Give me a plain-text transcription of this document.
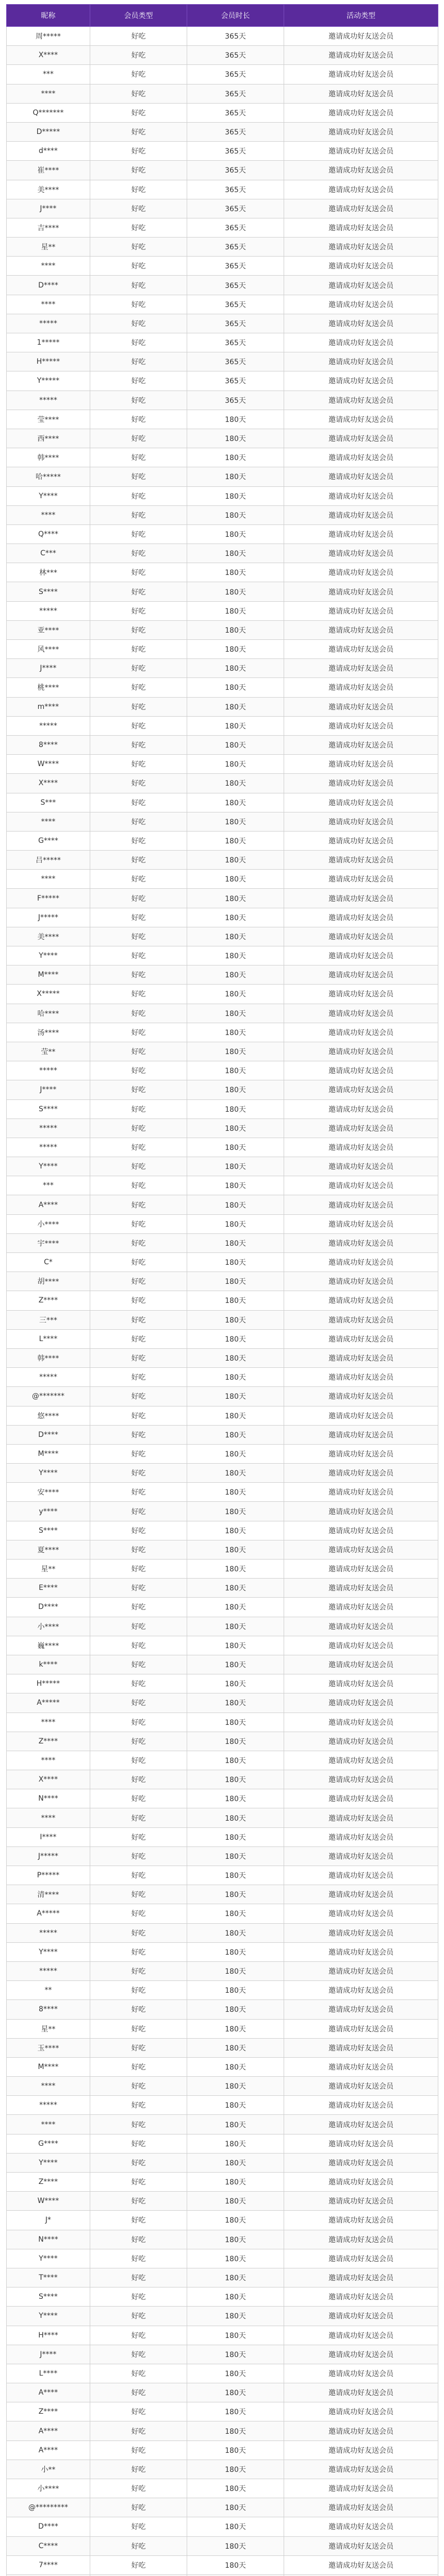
昵称	会员类型	会员时长	活动类型
周*****	好吃	365天	邀请成功好友送会员
X****	好吃	365天	邀请成功好友送会员
***	好吃	365天	邀请成功好友送会员
****	好吃	365天	邀请成功好友送会员
Q*******	好吃	365天	邀请成功好友送会员
D*****	好吃	365天	邀请成功好友送会员
d****	好吃	365天	邀请成功好友送会员
崔****	好吃	365天	邀请成功好友送会员
美****	好吃	365天	邀请成功好友送会员
J****	好吃	365天	邀请成功好友送会员
吉****	好吃	365天	邀请成功好友送会员
星**	好吃	365天	邀请成功好友送会员
****	好吃	365天	邀请成功好友送会员
D****	好吃	365天	邀请成功好友送会员
****	好吃	365天	邀请成功好友送会员
*****	好吃	365天	邀请成功好友送会员
1*****	好吃	365天	邀请成功好友送会员
H*****	好吃	365天	邀请成功好友送会员
Y*****	好吃	365天	邀请成功好友送会员
*****	好吃	365天	邀请成功好友送会员
莹****	好吃	180天	邀请成功好友送会员
西****	好吃	180天	邀请成功好友送会员
韩****	好吃	180天	邀请成功好友送会员
哈*****	好吃	180天	邀请成功好友送会员
Y****	好吃	180天	邀请成功好友送会员
****	好吃	180天	邀请成功好友送会员
Q****	好吃	180天	邀请成功好友送会员
C***	好吃	180天	邀请成功好友送会员
林***	好吃	180天	邀请成功好友送会员
S****	好吃	180天	邀请成功好友送会员
*****	好吃	180天	邀请成功好友送会员
亚****	好吃	180天	邀请成功好友送会员
风****	好吃	180天	邀请成功好友送会员
J****	好吃	180天	邀请成功好友送会员
桃****	好吃	180天	邀请成功好友送会员
m****	好吃	180天	邀请成功好友送会员
*****	好吃	180天	邀请成功好友送会员
8****	好吃	180天	邀请成功好友送会员
W****	好吃	180天	邀请成功好友送会员
X****	好吃	180天	邀请成功好友送会员
S***	好吃	180天	邀请成功好友送会员
****	好吃	180天	邀请成功好友送会员
G****	好吃	180天	邀请成功好友送会员
吕*****	好吃	180天	邀请成功好友送会员
****	好吃	180天	邀请成功好友送会员
F*****	好吃	180天	邀请成功好友送会员
J*****	好吃	180天	邀请成功好友送会员
美****	好吃	180天	邀请成功好友送会员
Y****	好吃	180天	邀请成功好友送会员
M****	好吃	180天	邀请成功好友送会员
X*****	好吃	180天	邀请成功好友送会员
哈****	好吃	180天	邀请成功好友送会员
汤****	好吃	180天	邀请成功好友送会员
莹**	好吃	180天	邀请成功好友送会员
*****	好吃	180天	邀请成功好友送会员
J****	好吃	180天	邀请成功好友送会员
S****	好吃	180天	邀请成功好友送会员
*****	好吃	180天	邀请成功好友送会员
*****	好吃	180天	邀请成功好友送会员
Y****	好吃	180天	邀请成功好友送会员
***	好吃	180天	邀请成功好友送会员
A****	好吃	180天	邀请成功好友送会员
小****	好吃	180天	邀请成功好友送会员
宇****	好吃	180天	邀请成功好友送会员
C*	好吃	180天	邀请成功好友送会员
胡****	好吃	180天	邀请成功好友送会员
Z****	好吃	180天	邀请成功好友送会员
三***	好吃	180天	邀请成功好友送会员
L****	好吃	180天	邀请成功好友送会员
韩****	好吃	180天	邀请成功好友送会员
*****	好吃	180天	邀请成功好友送会员
@*******	好吃	180天	邀请成功好友送会员
悠****	好吃	180天	邀请成功好友送会员
D****	好吃	180天	邀请成功好友送会员
M****	好吃	180天	邀请成功好友送会员
Y****	好吃	180天	邀请成功好友送会员
安****	好吃	180天	邀请成功好友送会员
y****	好吃	180天	邀请成功好友送会员
S****	好吃	180天	邀请成功好友送会员
夏****	好吃	180天	邀请成功好友送会员
星**	好吃	180天	邀请成功好友送会员
E****	好吃	180天	邀请成功好友送会员
D****	好吃	180天	邀请成功好友送会员
小****	好吃	180天	邀请成功好友送会员
巍****	好吃	180天	邀请成功好友送会员
k****	好吃	180天	邀请成功好友送会员
H*****	好吃	180天	邀请成功好友送会员
A*****	好吃	180天	邀请成功好友送会员
****	好吃	180天	邀请成功好友送会员
Z****	好吃	180天	邀请成功好友送会员
****	好吃	180天	邀请成功好友送会员
X****	好吃	180天	邀请成功好友送会员
N****	好吃	180天	邀请成功好友送会员
****	好吃	180天	邀请成功好友送会员
I****	好吃	180天	邀请成功好友送会员
J*****	好吃	180天	邀请成功好友送会员
P*****	好吃	180天	邀请成功好友送会员
清****	好吃	180天	邀请成功好友送会员
A*****	好吃	180天	邀请成功好友送会员
*****	好吃	180天	邀请成功好友送会员
Y****	好吃	180天	邀请成功好友送会员
*****	好吃	180天	邀请成功好友送会员
**	好吃	180天	邀请成功好友送会员
8****	好吃	180天	邀请成功好友送会员
星**	好吃	180天	邀请成功好友送会员
玉****	好吃	180天	邀请成功好友送会员
M****	好吃	180天	邀请成功好友送会员
****	好吃	180天	邀请成功好友送会员
*****	好吃	180天	邀请成功好友送会员
****	好吃	180天	邀请成功好友送会员
G****	好吃	180天	邀请成功好友送会员
Y****	好吃	180天	邀请成功好友送会员
Z****	好吃	180天	邀请成功好友送会员
W****	好吃	180天	邀请成功好友送会员
J*	好吃	180天	邀请成功好友送会员
N****	好吃	180天	邀请成功好友送会员
Y****	好吃	180天	邀请成功好友送会员
T****	好吃	180天	邀请成功好友送会员
S****	好吃	180天	邀请成功好友送会员
Y****	好吃	180天	邀请成功好友送会员
H****	好吃	180天	邀请成功好友送会员
J****	好吃	180天	邀请成功好友送会员
L****	好吃	180天	邀请成功好友送会员
A****	好吃	180天	邀请成功好友送会员
Z****	好吃	180天	邀请成功好友送会员
A****	好吃	180天	邀请成功好友送会员
A****	好吃	180天	邀请成功好友送会员
小**	好吃	180天	邀请成功好友送会员
小****	好吃	180天	邀请成功好友送会员
@*********	好吃	180天	邀请成功好友送会员
D****	好吃	180天	邀请成功好友送会员
C****	好吃	180天	邀请成功好友送会员
7****	好吃	180天	邀请成功好友送会员
